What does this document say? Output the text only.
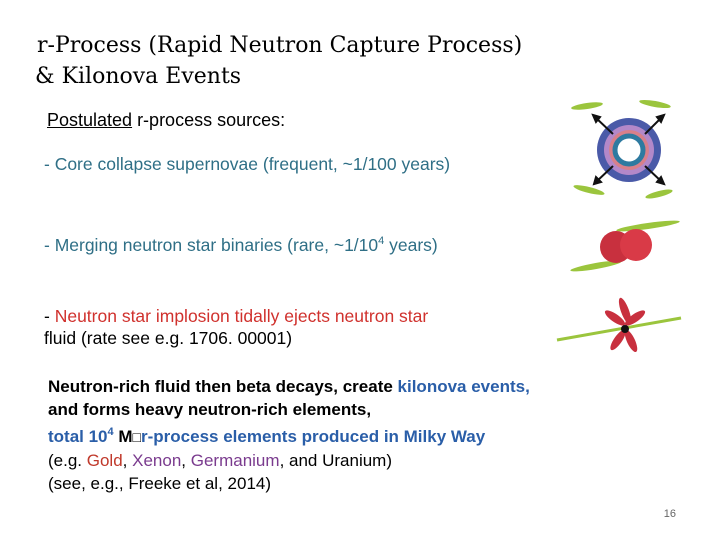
r-Process (Rapid Neutron Capture Process)
& Kilonova Events
Postulated r-process sources:
- Core collapse supernovae (frequent, ~1/100 years)
- Merging neutron star binaries (rare, $\sim 1/10^4$ years)
- Neutron star implosion tidally ejects neutron star
fluid (rate see e.g. 1706. 00001)
Neutron-rich fluid then beta decays, create kilonova events,
and forms heavy neutron-rich elements,
total $10^4$ M□r-process elements produced in Milky Way
(e.g. Gold, Xenon, Germanium, and Uranium)
(see, e.g., Freeke et al, 2014)
16
